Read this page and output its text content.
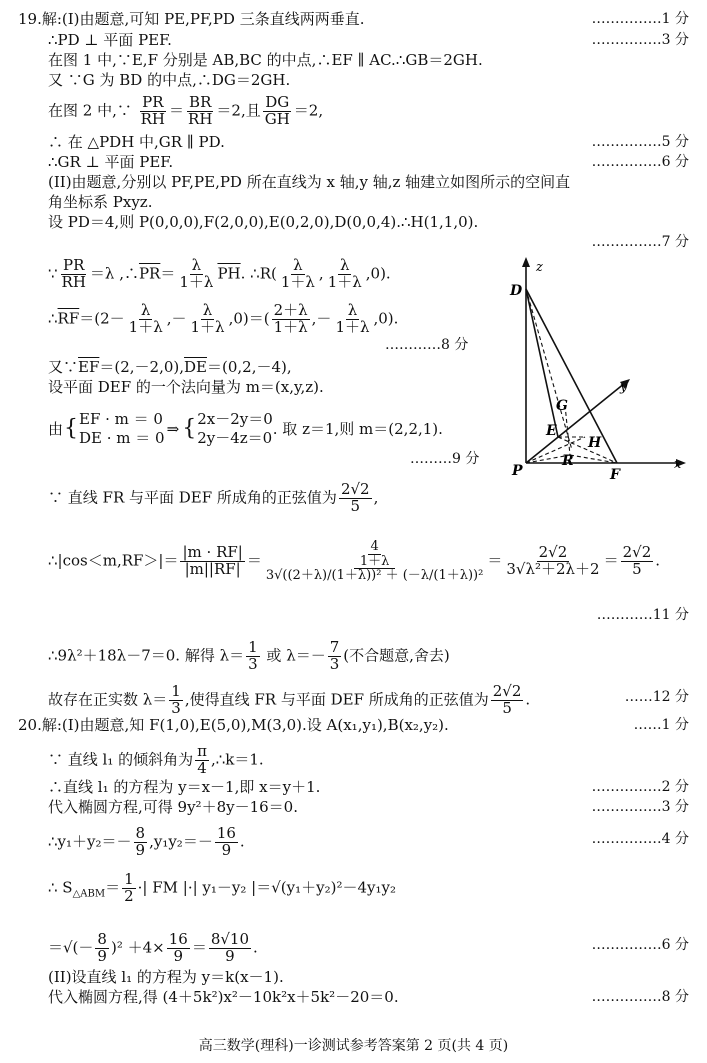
19.解:(I)由题意,可知 PE,PF,PD 三条直线两两垂直.	……………1 分
∴PD ⊥ 平面 PEF.	……………3 分
在图 1 中,∵E,F 分别是 AB,BC 的中点,∴EF ∥ AC.∴GB＝2GH.
又 ∵G 为 BD 的中点,∴DG＝2GH.
在图 2 中,∵ $\frac{PR}{RH} = \frac{BR}{RH} =2$,且 $\frac{DG}{GH} =2$,
∴ 在 △PDH 中,GR ∥ PD.	……………5 分
∴GR ⊥ 平面 PEF.	……………6 分
(II)由题意,分别以 PF,PE,PD 所在直线为 x 轴,y 轴,z 轴建立如图所示的空间直
角坐标系 Pxyz.
设 PD＝4,则 P(0,0,0),F(2,0,0),E(0,2,0),D(0,0,4).∴H(1,1,0).
……………7 分
∵ $\frac{PR}{RH} =\lambda$ $,\therefore\overline{PR}= \frac{\lambda}{1+\lambda} \overline{PH}$. ∴R( $\frac{\lambda}{1+\lambda}$ , $\frac{\lambda}{1+\lambda} ,0$).
$\therefore\overline{RF}=(2- \frac{\lambda}{1+\lambda}$ ,－ $\frac{\lambda}{1+\lambda} ,0)=( \frac{2+\lambda}{1+\lambda}$ ,－ $\frac{\lambda}{1+\lambda} ,0$).
…………8 分
又$\because\overline{EF}=(2,-2,0),\overline{DE}=(0,2,-4)$,
设平面 DEF 的一个法向量为 m＝(x,y,z).
由 { EF · m ＝ 0
DE · m ＝ 0 ⇒ { 2x－2y＝0
2y－4z＝0 . 取 z＝1,则 m＝(2,2,1).
………9 分
∵ 直线 FR 与平面 DEF 所成角的正弦值为 $\frac{2√2}{5}$ ,
∴|cos＜m,RF＞|＝ $\frac{|m \cdot RF|}{|m||RF|} = \frac{\frac{4}{1+\lambda}}{\text{3√((2＋λ)/(1＋λ))² ＋ (－λ/(1＋λ))²}} = \frac{2√2}{\text{3√λ²＋2λ＋2}} = \frac{2√2}{5}$ .
…………11 分
∴9λ²＋18λ－7＝0. 解得 $\lambda= \frac{1}{3}$ 或 $\lambda=- \frac{7}{3}$ (不合题意,舍去)
故存在正实数 $\lambda= \frac{1}{3}$ ,使得直线 FR 与平面 DEF 所成角的正弦值为 $\frac{2√2}{5}$ .	……12 分
20.解:(I)由题意,知 F(1,0),E(5,0),M(3,0).设 A(x₁,y₁),B(x₂,y₂).	……1 分
∵ 直线 l₁ 的倾斜角为 $\frac{\pi}{4}$ ,∴k＝1.
∴直线 l₁ 的方程为 y＝x－1,即 x＝y＋1.	……………2 分
代入椭圆方程,可得 9y²＋8y－16＝0.	……………3 分
∴y₁＋y₂＝－ $\frac{8}{9} ,y_1y_2=- \frac{16}{9}$ .	……………4 分
∴ $S_{\triangle ABM}= \frac{1}{2}$ ·| FM |·| y₁－y₂ |＝√(y₁＋y₂)²－4y₁y₂
＝√(－ $\frac{8}{9} )^2 +4\times \frac{16}{9} = \frac{8√10}{9}$ .	……………6 分
(II)设直线 l₁ 的方程为 y＝k(x－1).
代入椭圆方程,得 (4＋5k²)x²－10k²x＋5k²－20＝0.	……………8 分
z
y
x
D
G
E
H
R
P	F
高三数学(理科)一诊测试参考答案第 2 页(共 4 页)
